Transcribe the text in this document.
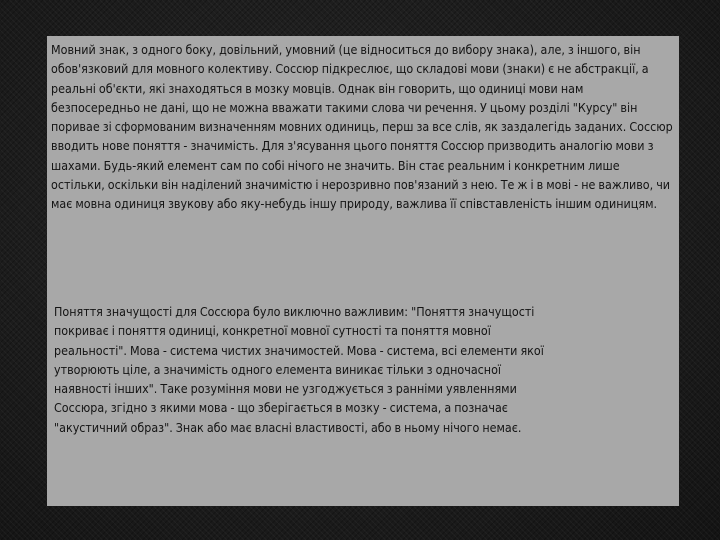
Мовний знак, з одного боку, довільний, умовний (це відноситься до вибору знака), але, з іншого, він обов'язковий для мовного колективу. Соссюр підкреслює, що складові мови (знаки) є не абстракції, а реальні об'єкти, які знаходяться в мозку мовців. Однак він говорить, що одиниці мови нам безпосередньо не дані, що не можна вважати такими слова чи речення. У цьому розділі "Курсу" він поривае зі сформованим визначенням мовних одиниць, перш за все слів, як заздалегідь заданих. Соссюр вводить нове поняття - значимість. Для з'ясування цього поняття Соссюр призводить аналогію мови з шахами. Будь-який елемент сам по собі нічого не значить. Він стає реальним і конкретним лише остільки, оскільки він наділений значимістю і нерозривно пов'язаний з нею. Те ж і в мові - не важливо, чи має мовна одиниця звукову або яку-небудь іншу природу, важлива її співставленість іншим одиницям.

Поняття значущості для Соссюра було виключно важливим: "Поняття значущості покриває і поняття одиниці, конкретної мовної сутності та поняття мовної реальності". Мова - система чистих значимостей. Мова - система, всі елементи якої утворюють ціле, а значимість одного елемента виникає тільки з одночасної наявності інших". Таке розуміння мови не узгоджується з ранніми уявленнями Соссюра, згідно з якими мова - що зберігається в мозку - система, а позначає "акустичний образ". Знак або має власні властивості, або в ньому нічого немає.
